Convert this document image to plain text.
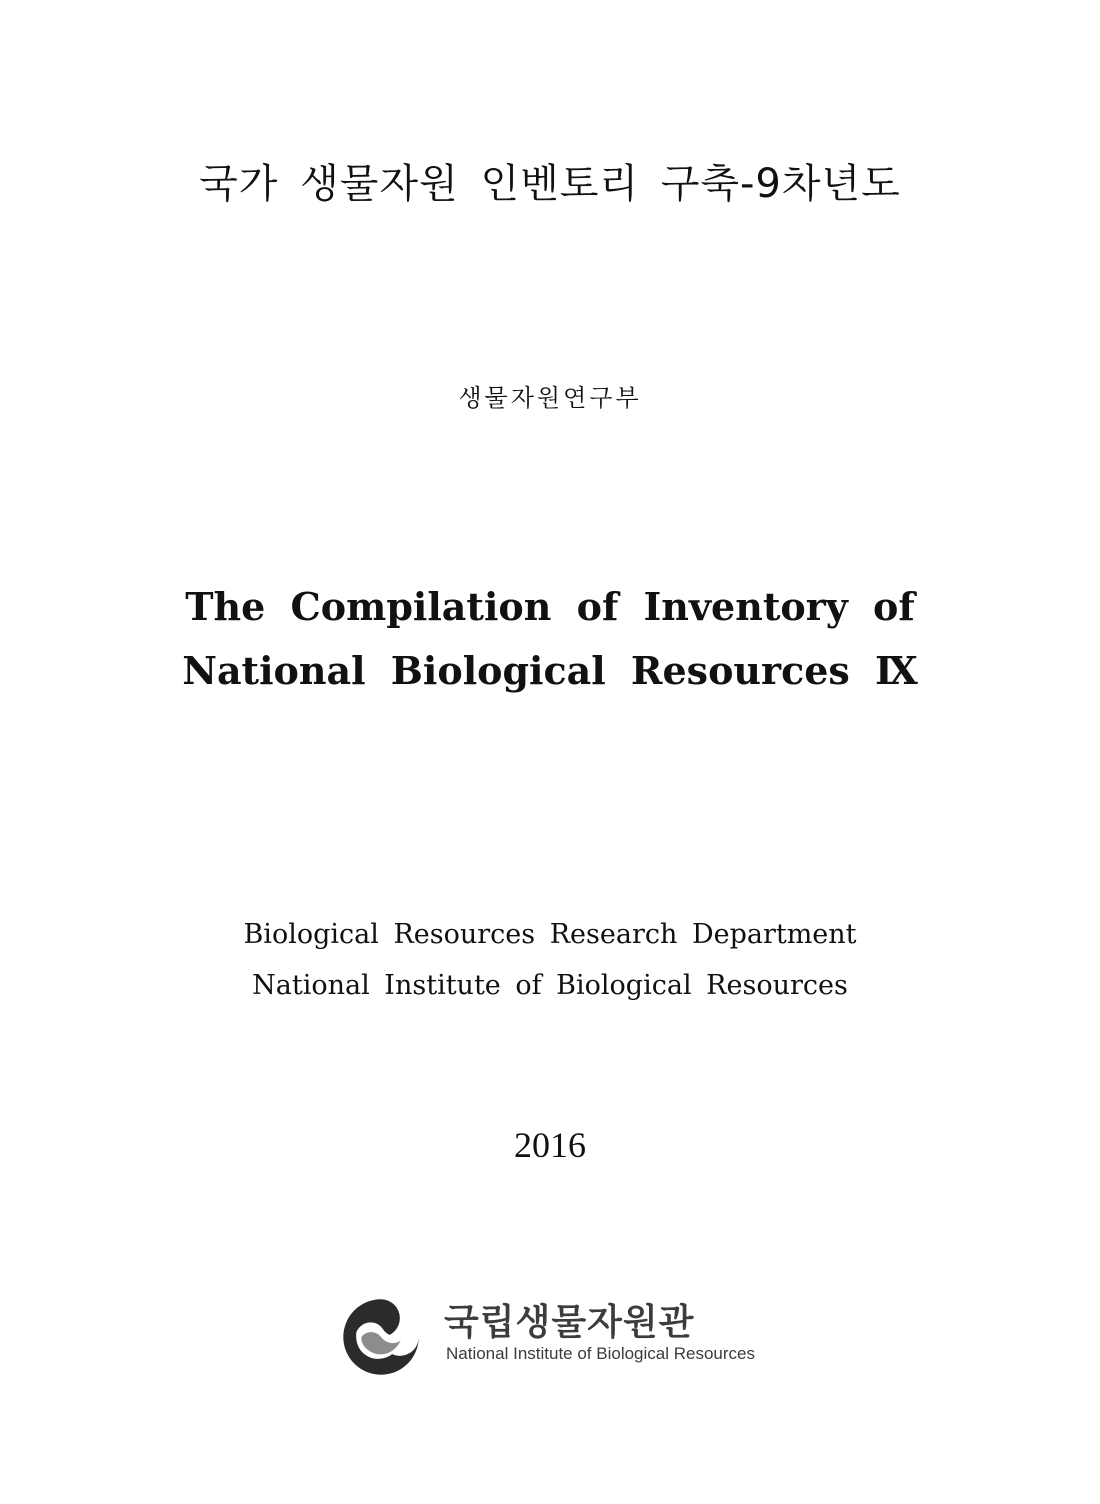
국가 생물자원 인벤토리 구축-9차년도
생물자원연구부
The Compilation of Inventory of
National Biological Resources Ⅸ
Biological Resources Research Department
National Institute of Biological Resources
2016
국립생물자원관
National Institute of Biological Resources
